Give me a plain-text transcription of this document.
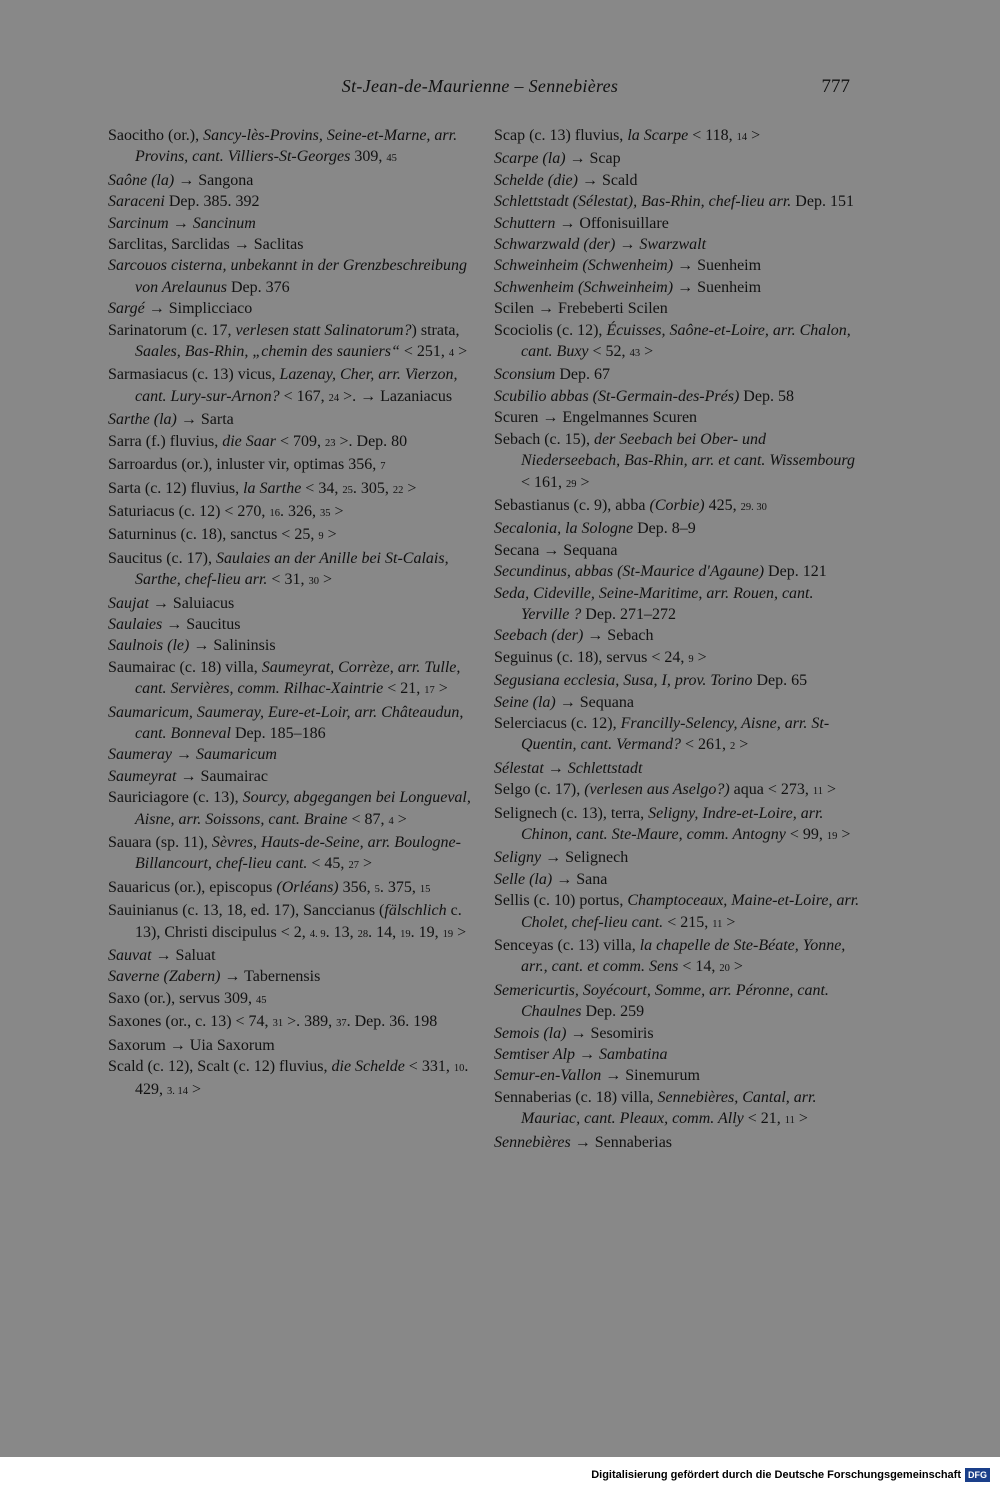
St-Jean-de-Maurienne – Sennebières	777

Saocitho (or.), Sancy-lès-Provins, Seine-et-Marne, arr. Provins, cant. Villiers-St-Georges 309, 45

Saône (la) → Sangona

Saraceni Dep. 385. 392

Sarcinum → Sancinum

Sarclitas, Sarclidas → Saclitas

Sarcouos cisterna, unbekannt in der Grenzbeschreibung von Arelaunus Dep. 376

Sargé → Simplicciaco

Sarinatorum (c. 17, verlesen statt Salinatorum?) strata, Saales, Bas-Rhin, „chemin des sauniers“ < 251, 4 >

Sarmasiacus (c. 13) vicus, Lazenay, Cher, arr. Vierzon, cant. Lury-sur-Arnon? < 167, 24 >. → Lazaniacus

Sarthe (la) → Sarta

Sarra (f.) fluvius, die Saar < 709, 23 >. Dep. 80

Sarroardus (or.), inluster vir, optimas 356, 7

Sarta (c. 12) fluvius, la Sarthe < 34, 25. 305, 22 >

Saturiacus (c. 12) < 270, 16. 326, 35 >

Saturninus (c. 18), sanctus < 25, 9 >

Saucitus (c. 17), Saulaies an der Anille bei St-Calais, Sarthe, chef-lieu arr. < 31, 30 >

Saujat → Saluiacus

Saulaies → Saucitus

Saulnois (le) → Salininsis

Saumairac (c. 18) villa, Saumeyrat, Corrèze, arr. Tulle, cant. Servières, comm. Rilhac-Xaintrie < 21, 17 >

Saumaricum, Saumeray, Eure-et-Loir, arr. Châteaudun, cant. Bonneval Dep. 185–186

Saumeray → Saumaricum

Saumeyrat → Saumairac

Sauriciagore (c. 13), Sourcy, abgegangen bei Longueval, Aisne, arr. Soissons, cant. Braine < 87, 4 >

Sauara (sp. 11), Sèvres, Hauts-de-Seine, arr. Boulogne-Billancourt, chef-lieu cant. < 45, 27 >

Sauaricus (or.), episcopus (Orléans) 356, 5. 375, 15

Sauinianus (c. 13, 18, ed. 17), Sanccianus (fälschlich c. 13), Christi discipulus < 2, 4. 9. 13, 28. 14, 19. 19, 19 >

Sauvat → Saluat

Saverne (Zabern) → Tabernensis

Saxo (or.), servus 309, 45

Saxones (or., c. 13) < 74, 31 >. 389, 37. Dep. 36. 198

Saxorum → Uia Saxorum

Scald (c. 12), Scalt (c. 12) fluvius, die Schelde < 331, 10. 429, 3. 14 >

Scap (c. 13) fluvius, la Scarpe < 118, 14 >

Scarpe (la) → Scap

Schelde (die) → Scald

Schlettstadt (Sélestat), Bas-Rhin, chef-lieu arr. Dep. 151

Schuttern → Offonisuillare

Schwarzwald (der) → Swarzwalt

Schweinheim (Schwenheim) → Suenheim

Schwenheim (Schweinheim) → Suenheim

Scilen → Frebeberti Scilen

Scociolis (c. 12), Écuisses, Saône-et-Loire, arr. Chalon, cant. Buxy < 52, 43 >

Sconsium Dep. 67

Scubilio abbas (St-Germain-des-Prés) Dep. 58

Scuren → Engelmannes Scuren

Sebach (c. 15), der Seebach bei Ober- und Niederseebach, Bas-Rhin, arr. et cant. Wissembourg < 161, 29 >

Sebastianus (c. 9), abba (Corbie) 425, 29. 30

Secalonia, la Sologne Dep. 8–9

Secana → Sequana

Secundinus, abbas (St-Maurice d'Agaune) Dep. 121

Seda, Cideville, Seine-Maritime, arr. Rouen, cant. Yerville ? Dep. 271–272

Seebach (der) → Sebach

Seguinus (c. 18), servus < 24, 9 >

Segusiana ecclesia, Susa, I, prov. Torino Dep. 65

Seine (la) → Sequana

Selerciacus (c. 12), Francilly-Selency, Aisne, arr. St-Quentin, cant. Vermand? < 261, 2 >

Sélestat → Schlettstadt

Selgo (c. 17), (verlesen aus Aselgo?) aqua < 273, 11 >

Selignech (c. 13), terra, Seligny, Indre-et-Loire, arr. Chinon, cant. Ste-Maure, comm. Antogny < 99, 19 >

Seligny → Selignech

Selle (la) → Sana

Sellis (c. 10) portus, Champtoceaux, Maine-et-Loire, arr. Cholet, chef-lieu cant. < 215, 11 >

Senceyas (c. 13) villa, la chapelle de Ste-Béate, Yonne, arr., cant. et comm. Sens < 14, 20 >

Semericurtis, Soyécourt, Somme, arr. Péronne, cant. Chaulnes Dep. 259

Semois (la) → Sesomiris

Semtiser Alp → Sambatina

Semur-en-Vallon → Sinemurum

Sennaberias (c. 18) villa, Sennebières, Cantal, arr. Mauriac, cant. Pleaux, comm. Ally < 21, 11 >

Sennebières → Sennaberias

Digitalisierung gefördert durch die Deutsche Forschungsgemeinschaft DFG
